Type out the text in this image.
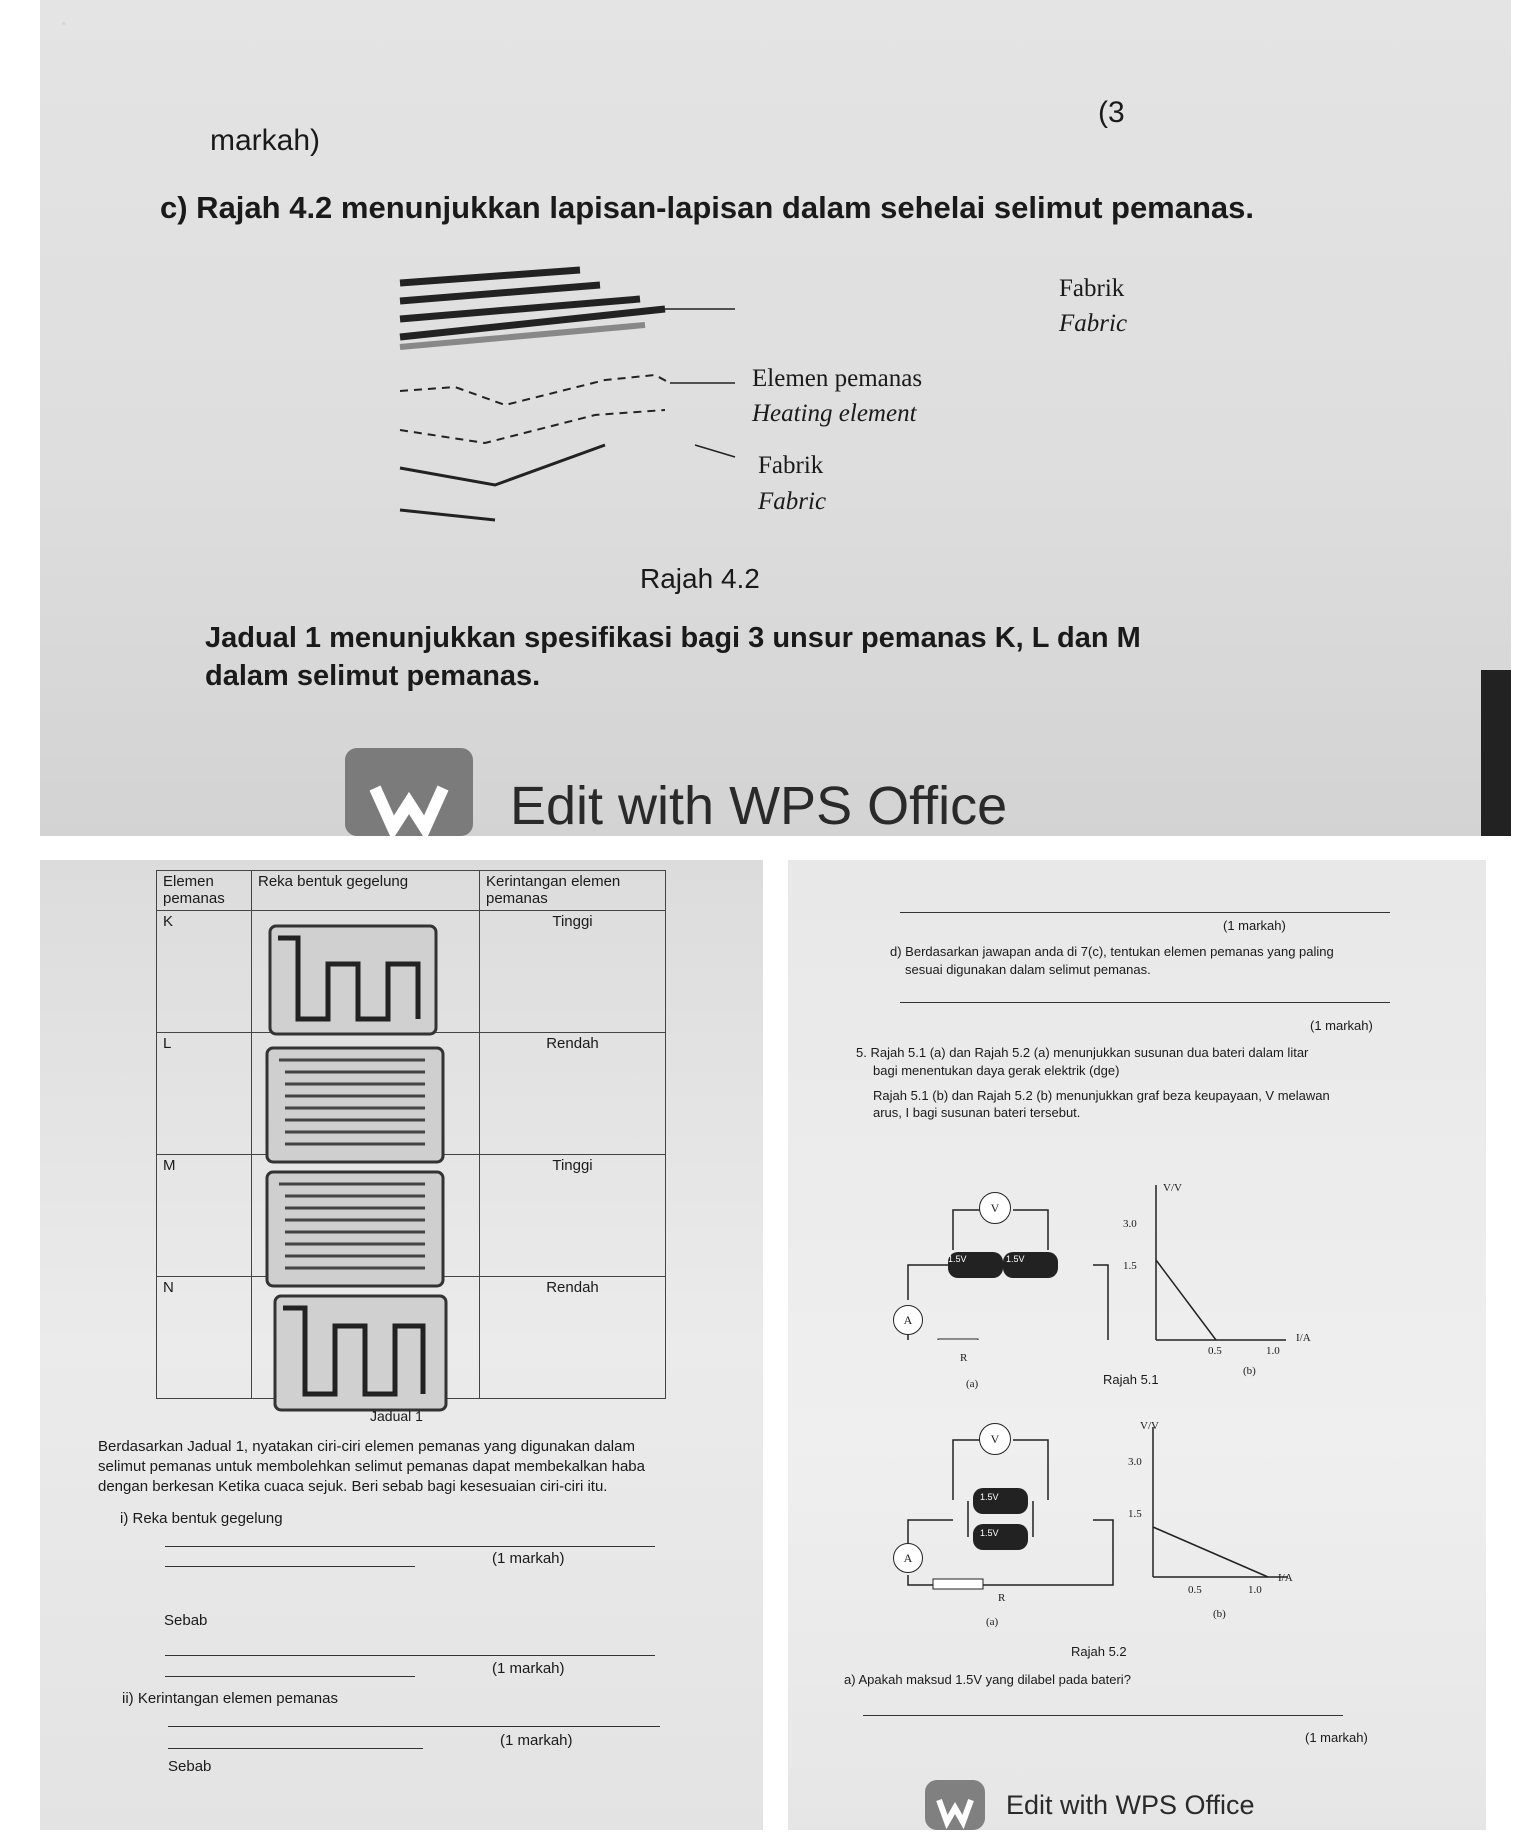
.
(3
markah)
c) Rajah 4.2 menunjukkan lapisan-lapisan dalam sehelai selimut pemanas.
Fabrik
Fabric
Elemen pemanas
Heating element
Fabrik
Fabric
Rajah 4.2
Jadual 1 menunjukkan spesifikasi bagi 3 unsur pemanas K, L dan M
dalam selimut pemanas.
Edit with WPS Office
Elemen pemanas	Reka bentuk gegelung	Kerintangan elemen pemanas
K		Tinggi
L		Rendah
M		Tinggi
N		Rendah
Jadual 1
Berdasarkan Jadual 1, nyatakan ciri-ciri elemen pemanas yang digunakan dalam
selimut pemanas untuk membolehkan selimut pemanas dapat membekalkan haba
dengan berkesan Ketika cuaca sejuk. Beri sebab bagi kesesuaian ciri-ciri itu.
i) Reka bentuk gegelung
(1 markah)
Sebab
(1 markah)
ii) Kerintangan elemen pemanas
(1 markah)
Sebab
(1 markah)
d) Berdasarkan jawapan anda di 7(c), tentukan elemen pemanas yang paling
sesuai digunakan dalam selimut pemanas.
(1 markah)
5. Rajah 5.1 (a) dan Rajah 5.2 (a) menunjukkan susunan dua bateri dalam litar
bagi menentukan daya gerak elektrik (dge)
Rajah 5.1 (b) dan Rajah 5.2 (b) menunjukkan graf beza keupayaan, V melawan
arus, I bagi susunan bateri tersebut.
V
A
1.5V	1.5V
R
(a)
V/V
I/A
3.0
1.5
0.5	1.0
(b)
Rajah 5.1
V
A
1.5V
1.5V
R
(a)
V/V
I/A
3.0
1.5
0.5	1.0
(b)
Rajah 5.2
a) Apakah maksud 1.5V yang dilabel pada bateri?
(1 markah)
Edit with WPS Office
